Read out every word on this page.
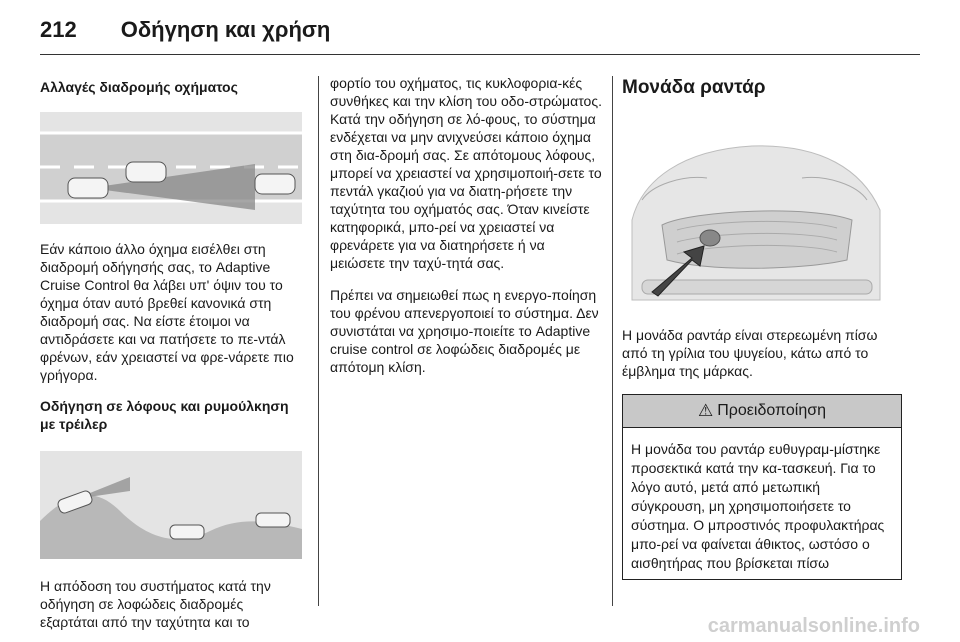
212 Οδήγηση και χρήση
Αλλαγές διαδρομής οχήματος

Εάν κάποιο άλλο όχημα εισέλθει στη διαδρομή οδήγησής σας, το Adaptive Cruise Control θα λάβει υπ' όψιν του το όχημα όταν αυτό βρεθεί κανονικά στη διαδρομή σας. Να είστε έτοιμοι να αντιδράσετε και να πατήσετε το πε-ντάλ φρένων, εάν χρειαστεί να φρε-νάρετε πιο γρήγορα.

Οδήγηση σε λόφους και ρυμούλκηση με τρέιλερ

Η απόδοση του συστήματος κατά την οδήγηση σε λοφώδεις διαδρομές εξαρτάται από την ταχύτητα και το

φορτίο του οχήματος, τις κυκλοφορια-κές συνθήκες και την κλίση του οδο-στρώματος. Κατά την οδήγηση σε λό-φους, το σύστημα ενδέχεται να μην ανιχνεύσει κάποιο όχημα στη δια-δρομή σας. Σε απότομους λόφους, μπορεί να χρειαστεί να χρησιμοποιή-σετε το πεντάλ γκαζιού για να διατη-ρήσετε την ταχύτητα του οχήματός σας. Όταν κινείστε κατηφορικά, μπο-ρεί να χρειαστεί να φρενάρετε για να διατηρήσετε ή να μειώσετε την ταχύ-τητά σας.

Πρέπει να σημειωθεί πως η ενεργο-ποίηση του φρένου απενεργοποιεί το σύστημα. Δεν συνιστάται να χρησιμο-ποιείτε το Adaptive cruise control σε λοφώδεις διαδρομές με απότομη κλίση.

Μονάδα ραντάρ

Η μονάδα ραντάρ είναι στερεωμένη πίσω από τη γρίλια του ψυγείου, κάτω από το έμβλημα της μάρκας.

⚠ Προειδοποίηση
Η μονάδα του ραντάρ ευθυγραμ-μίστηκε προσεκτικά κατά την κα-τασκευή. Για το λόγο αυτό, μετά από μετωπική σύγκρουση, μη χρησιμοποιήσετε το σύστημα. Ο μπροστινός προφυλακτήρας μπο-ρεί να φαίνεται άθικτος, ωστόσο ο αισθητήρας που βρίσκεται πίσω
carmanualsonline.info
